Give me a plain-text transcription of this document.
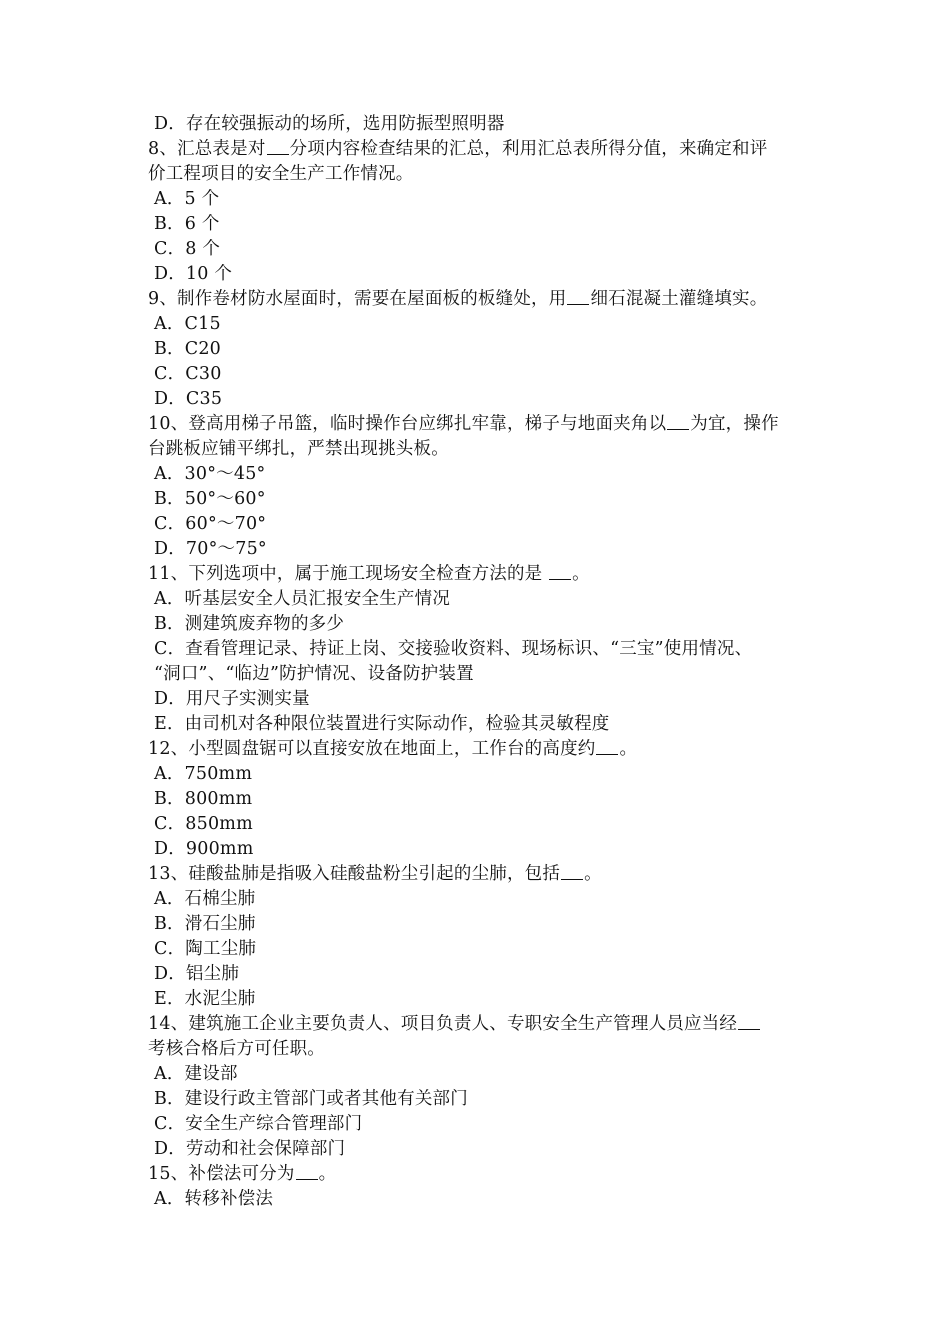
D．存在较强振动的场所，选用防振型照明器
8、汇总表是对 分项内容检查结果的汇总，利用汇总表所得分值，来确定和评
价工程项目的安全生产工作情况。
A．5 个
B．6 个
C．8 个
D．10 个
9、制作卷材防水屋面时，需要在屋面板的板缝处，用 细石混凝土灌缝填实。
A．C15
B．C20
C．C30
D．C35
10、登高用梯子吊篮，临时操作台应绑扎牢靠，梯子与地面夹角以 为宜，操作
台跳板应铺平绑扎，严禁出现挑头板。
A．30°～45°
B．50°～60°
C．60°～70°
D．70°～75°
11、下列选项中，属于施工现场安全检查方法的是 。
A．听基层安全人员汇报安全生产情况
B．测建筑废弃物的多少
C．查看管理记录、持证上岗、交接验收资料、现场标识、“三宝”使用情况、
“洞口”、“临边”防护情况、设备防护装置
D．用尺子实测实量
E．由司机对各种限位装置进行实际动作，检验其灵敏程度
12、小型圆盘锯可以直接安放在地面上，工作台的高度约 。
A．750mm
B．800mm
C．850mm
D．900mm
13、硅酸盐肺是指吸入硅酸盐粉尘引起的尘肺，包括 。
A．石棉尘肺
B．滑石尘肺
C．陶工尘肺
D．铝尘肺
E．水泥尘肺
14、建筑施工企业主要负责人、项目负责人、专职安全生产管理人员应当经
考核合格后方可任职。
A．建设部
B．建设行政主管部门或者其他有关部门
C．安全生产综合管理部门
D．劳动和社会保障部门
15、补偿法可分为 。
A．转移补偿法
